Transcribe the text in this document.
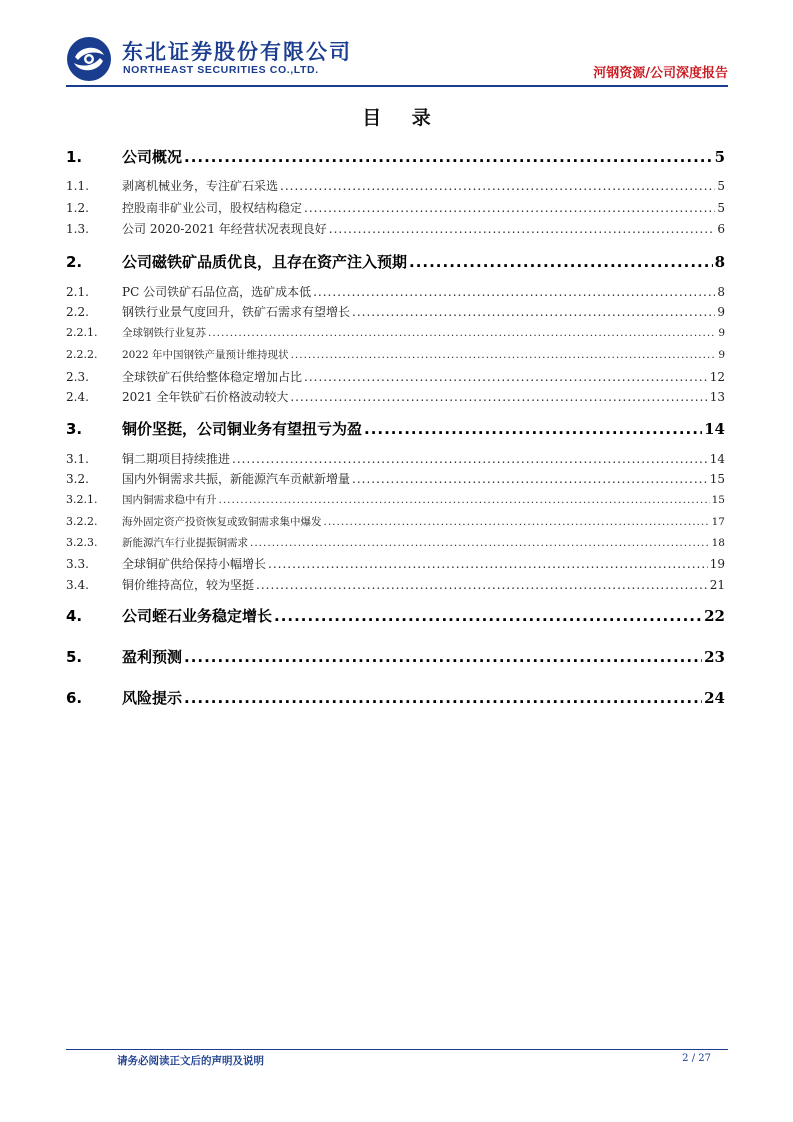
东北证券股份有限公司
NORTHEAST SECURITIES CO.,LTD.	河钢资源/公司深度报告
目 录
1.	公司概况 .....	5
1.1.	剥离机械业务，专注矿石采选 .....	5
1.2.	控股南非矿业公司，股权结构稳定 .....	5
1.3.	公司 2020-2021 年经营状况表现良好 .....	6
2.	公司磁铁矿品质优良，且存在资产注入预期 .....	8
2.1.	PC 公司铁矿石品位高，选矿成本低 .....	8
2.2.	钢铁行业景气度回升，铁矿石需求有望增长 .....	9
2.2.1.	全球钢铁行业复苏 .....	9
2.2.2.	2022 年中国钢铁产量预计维持现状 .....	9
2.3.	全球铁矿石供给整体稳定增加占比 .....	12
2.4.	2021 全年铁矿石价格波动较大 .....	13
3.	铜价坚挺，公司铜业务有望扭亏为盈 .....	14
3.1.	铜二期项目持续推进 .....	14
3.2.	国内外铜需求共振，新能源汽车贡献新增量 .....	15
3.2.1.	国内铜需求稳中有升 .....	15
3.2.2.	海外固定资产投资恢复或致铜需求集中爆发 .....	17
3.2.3.	新能源汽车行业提振铜需求 .....	18
3.3.	全球铜矿供给保持小幅增长 .....	19
3.4.	铜价维持高位，较为坚挺 .....	21
4.	公司蛭石业务稳定增长 .....	22
5.	盈利预测 .....	23
6.	风险提示 .....	24
请务必阅读正文后的声明及说明	2 / 27
